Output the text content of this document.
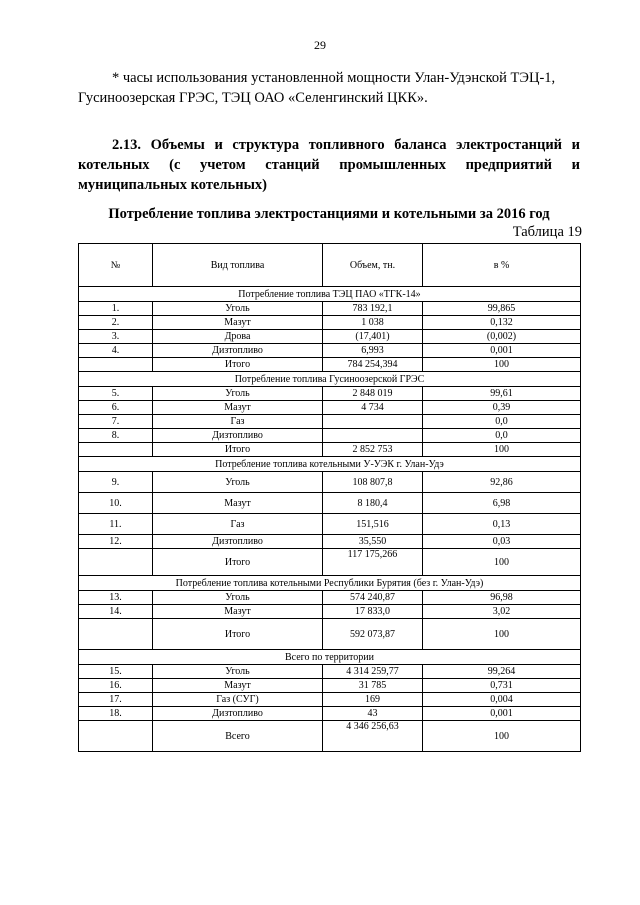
29
* часы использования установленной мощности Улан-Удэнской ТЭЦ-1,
Гусиноозерская ГРЭС, ТЭЦ ОАО «Селенгинский ЦКК».
2.13. Объемы и структура топливного баланса электростанций и котельных (с учетом станций промышленных предприятий и муниципальных котельных)
Потребление топлива электростанциями и котельными за 2016 год
Таблица 19
№	Вид топлива	Объем, тн.	в %
Потребление топлива ТЭЦ ПАО «ТГК-14»			
1.	Уголь	783 192,1	99,865
2.	Мазут	1 038	0,132
3.	Дрова	(17,401)	(0,002)
4.	Дизтопливо	6,993	0,001
	Итого	784 254,394	100
Потребление топлива Гусиноозерской ГРЭС			
5.	Уголь	2 848 019	99,61
6.	Мазут	4 734	0,39
7.	Газ		0,0
8.	Дизтопливо		0,0
	Итого	2 852 753	100
Потребление топлива котельными У-УЭК г. Улан-Удэ			
9.	Уголь	108 807,8	92,86
10.	Мазут	8 180,4	6,98
11.	Газ	151,516	0,13
12.	Дизтопливо	35,550	0,03
	Итого	117 175,266	100
Потребление топлива котельными Республики Бурятия (без г. Улан-Удэ)			
13.	Уголь	574 240,87	96,98
14.	Мазут	17 833,0	3,02
	Итого	592 073,87	100
Всего по территории			
15.	Уголь	4 314 259,77	99,264
16.	Мазут	31 785	0,731
17.	Газ (СУГ)	169	0,004
18.	Дизтопливо	43	0,001
	Всего	4 346 256,63	100
